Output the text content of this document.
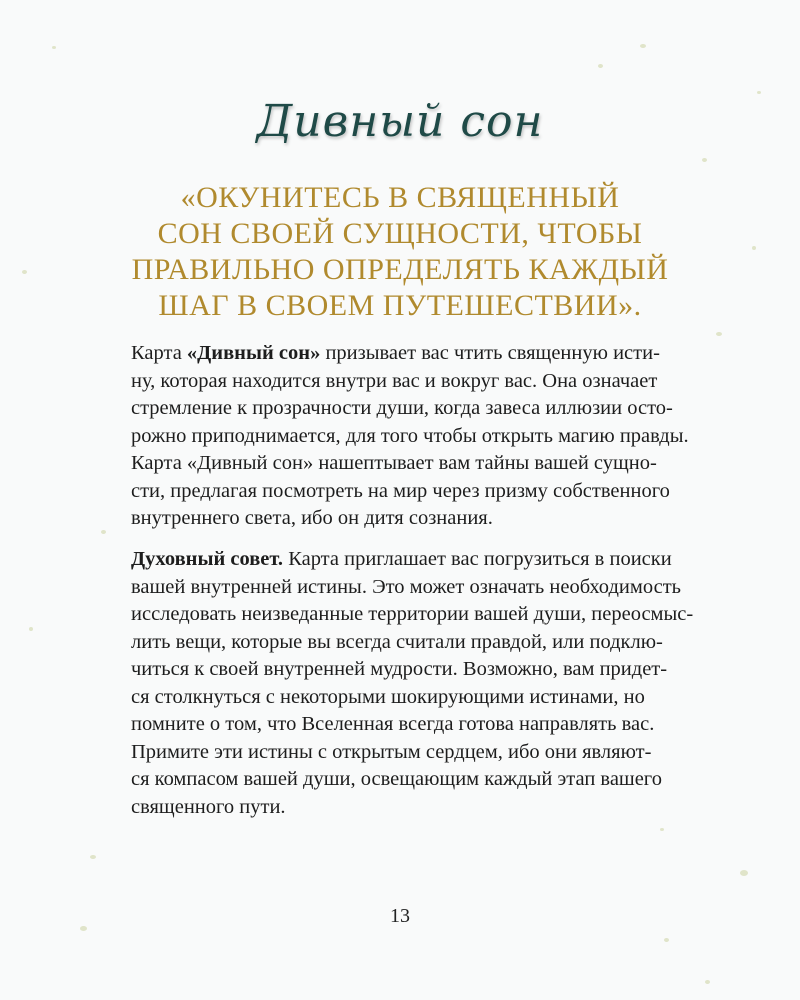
Дивный сон
«ОКУНИТЕСЬ В СВЯЩЕННЫЙ
СОН СВОЕЙ СУЩНОСТИ, ЧТОБЫ
ПРАВИЛЬНО ОПРЕДЕЛЯТЬ КАЖДЫЙ
ШАГ В СВОЕМ ПУТЕШЕСТВИИ».
Карта «Дивный сон» призывает вас чтить священную исти-
ну, которая находится внутри вас и вокруг вас. Она означает
стремление к прозрачности души, когда завеса иллюзии осто-
рожно приподнимается, для того чтобы открыть магию правды.
Карта «Дивный сон» нашептывает вам тайны вашей сущно-
сти, предлагая посмотреть на мир через призму собственного
внутреннего света, ибо он дитя сознания.
Духовный совет. Карта приглашает вас погрузиться в поиски
вашей внутренней истины. Это может означать необходимость
исследовать неизведанные территории вашей души, переосмыс-
лить вещи, которые вы всегда считали правдой, или подклю-
читься к своей внутренней мудрости. Возможно, вам придет-
ся столкнуться с некоторыми шокирующими истинами, но
помните о том, что Вселенная всегда готова направлять вас.
Примите эти истины с открытым сердцем, ибо они являют-
ся компасом вашей души, освещающим каждый этап вашего
священного пути.
13
